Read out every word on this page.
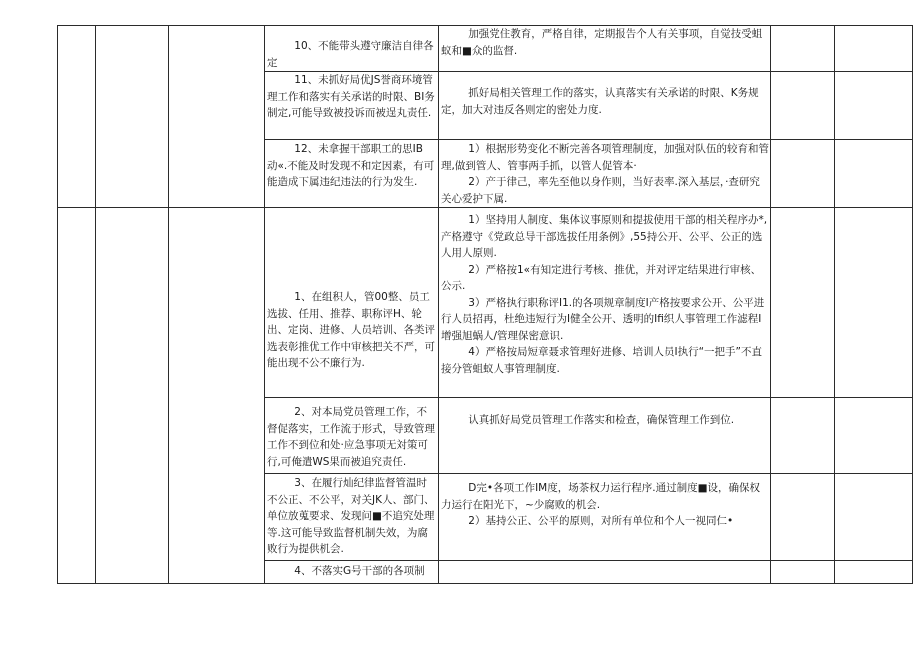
			10、不能带头遵守廉洁自律各定	加强党住教育，严格自律，定期报告个人有关事项，自觉技受蛆蚁和■众的监督.		

			11、未抓好局优JS誉商环境管理工作和落实有关承诺的时限、BI务制定,可能导致被投诉而被逞丸责任.	抓好局相关管理工作的落实，认真落实有关承诺的时限、K务规定，加大对违反各则定的密处力度.		

			12、未拿握干部职工的思IB动«.不能及时发现不和定因素，有可能造成下属违纪违法的行为发生.	1）根据形势变化不断完善各项管理制度，加强对队伍的较育和管理,做到管人、管事两手抓，以管人促管本·
2）产于律己，率先至他以身作则，当好表率.深入基层，·查研究关心爱护下属.		

			1、在组积人，管00整、员工选拔、任用、推荐、职称评H、轮出、定岗、进修、人员培训、各类评选表彰推优工作中审核把关不严，可能出现不公不廉行为.	1）坚持用人制度、集体议事原则和提拔使用干部的相关程序办*,产格遵守《党政总导干部选拔任用条例》,55持公开、公平、公正的选人用人原则.
2）严格按1«有知定进行考核、推优，并对评定结果进行审核、公示.
3）严格执行职称评I1.的各项规章制度I产格按要求公开、公平进行人员招再，杜绝违短行为I健全公开、透明的Ifi织人事管理工作滤程I增强旭蜗人/管理保密意识.
4）严格按局短章聂求管理好进修、培训人员I执行“一把手”不直接分管蛆蚁人事管理制度.		

			2、对本局党员管理工作，不督促落实，工作流于形式，导致管理工作不到位和处·应急事项无対策可行,可俺遣WS果而被追究责任.	认真抓好局党员管理工作落实和检查，确保管理工作到位.		

			3、在履行灿纪律监督管温时不公正、不公平，对关JK人、部门、单位放蒐要求、发现问■不追究处理等.这可能导致监督机制失效，为腐败行为提供机会.	D完•各项工作IM度，场茶权力运行程序.通过制度■设，确保权力运行在阳光下，~少腐败的机会.
2）基持公正、公平的原则，对所有单位和个人一视同仁•		

			4、不落实G号干部的各项制			
